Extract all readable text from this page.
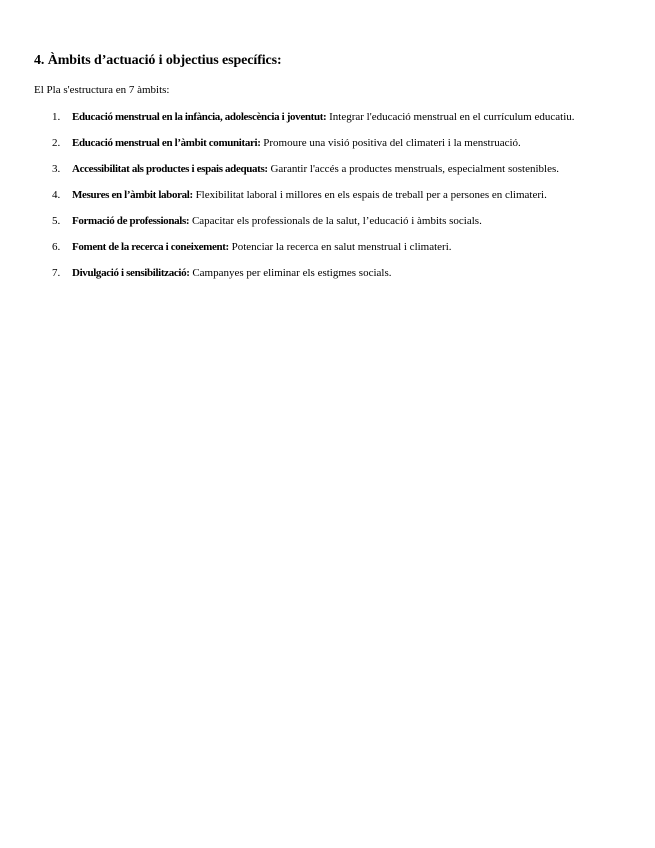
4. Àmbits d’actuació i objectius específics:
El Pla s'estructura en 7 àmbits:
1.	Educació menstrual en la infància, adolescència i joventut: Integrar l'educació menstrual en el currículum educatiu.
2.	Educació menstrual en l’àmbit comunitari: Promoure una visió positiva del climateri i la menstruació.
3.	Accessibilitat als productes i espais adequats: Garantir l'accés a productes menstruals, especialment sostenibles.
4.	Mesures en l’àmbit laboral: Flexibilitat laboral i millores en els espais de treball per a persones en climateri.
5.	Formació de professionals: Capacitar els professionals de la salut, l’educació i àmbits socials.
6.	Foment de la recerca i coneixement: Potenciar la recerca en salut menstrual i climateri.
7.	Divulgació i sensibilització: Campanyes per eliminar els estigmes socials.
